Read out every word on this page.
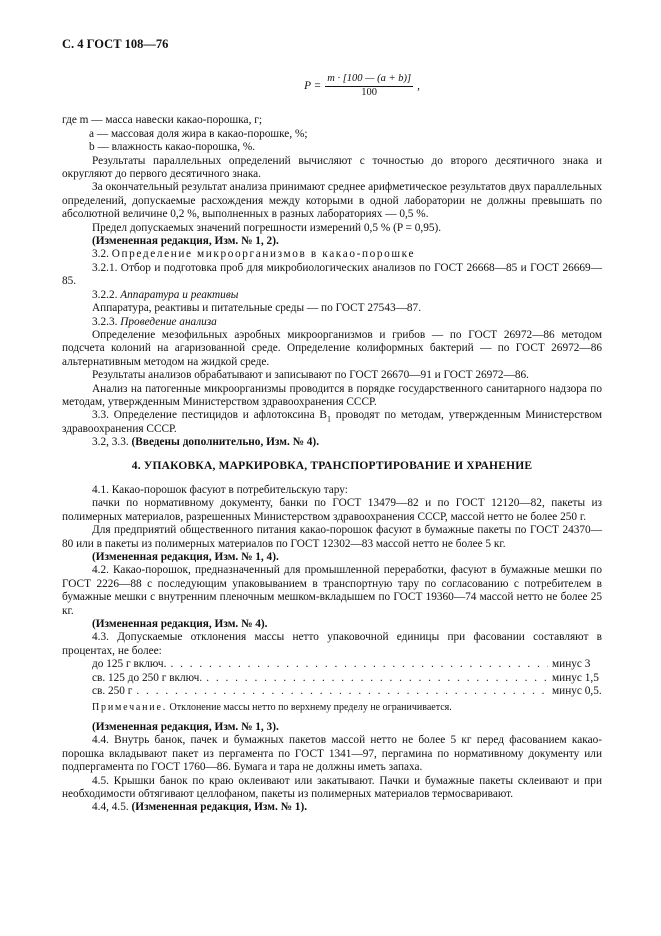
С. 4 ГОСТ 108—76
$P = \frac{m \cdot [100 — (a + b)]}{100}$ ,

где m — масса навески какао-порошка, г;

a — массовая доля жира в какао-порошке, %;

b — влажность какао-порошка, %.

Результаты параллельных определений вычисляют с точностью до второго десятичного знака и округляют до первого десятичного знака.

За окончательный результат анализа принимают среднее арифметическое результатов двух параллельных определений, допускаемые расхождения между которыми в одной лаборатории не должны превышать по абсолютной величине 0,2 %, выполненных в разных лабораториях — 0,5 %.

Предел допускаемых значений погрешности измерений 0,5 % (P = 0,95).

(Измененная редакция, Изм. № 1, 2).

3.2. Определение микроорганизмов в какао-порошке

3.2.1. Отбор и подготовка проб для микробиологических анализов по ГОСТ 26668—85 и ГОСТ 26669—85.

3.2.2. Аппаратура и реактивы

Аппаратура, реактивы и питательные среды — по ГОСТ 27543—87.

3.2.3. Проведение анализа

Определение мезофильных аэробных микроорганизмов и грибов — по ГОСТ 26972—86 методом подсчета колоний на агаризованной среде. Определение колиформных бактерий — по ГОСТ 26972—86 альтернативным методом на жидкой среде.

Результаты анализов обрабатывают и записывают по ГОСТ 26670—91 и ГОСТ 26972—86.

Анализ на патогенные микроорганизмы проводится в порядке государственного санитарного надзора по методам, утвержденным Министерством здравоохранения СССР.

3.3. Определение пестицидов и афлотоксина $B_1$ проводят по методам, утвержденным Министерством здравоохранения СССР.

3.2, 3.3. (Введены дополнительно, Изм. № 4).

4. УПАКОВКА, МАРКИРОВКА, ТРАНСПОРТИРОВАНИЕ И ХРАНЕНИЕ

4.1. Какао-порошок фасуют в потребительскую тару:

пачки по нормативному документу, банки по ГОСТ 13479—82 и по ГОСТ 12120—82, пакеты из полимерных материалов, разрешенных Министерством здравоохранения СССР, массой нетто не более 250 г.

Для предприятий общественного питания какао-порошок фасуют в бумажные пакеты по ГОСТ 24370—80 или в пакеты из полимерных материалов по ГОСТ 12302—83 массой нетто не более 5 кг.

(Измененная редакция, Изм. № 1, 4).

4.2. Какао-порошок, предназначенный для промышленной переработки, фасуют в бумажные мешки по ГОСТ 2226—88 с последующим упаковыванием в транспортную тару по согласованию с потребителем в бумажные мешки с внутренним пленочным мешком-вкладышем по ГОСТ 19360—74 массой нетто не более 25 кг.

(Измененная редакция, Изм. № 4).

4.3. Допускаемые отклонения массы нетто упаковочной единицы при фасовании составляют в процентах, не более:

до 125 г включ. . . .	минус 3
св. 125 до 250 г включ. . . .	минус 1,5
св. 250 г . . .	минус 0,5.

Примечание. Отклонение массы нетто по верхнему пределу не ограничивается.

(Измененная редакция, Изм. № 1, 3).

4.4. Внутрь банок, пачек и бумажных пакетов массой нетто не более 5 кг перед фасованием какао-порошка вкладывают пакет из пергамента по ГОСТ 1341—97, пергамина по нормативному документу или подпергамента по ГОСТ 1760—86. Бумага и тара не должны иметь запаха.

4.5. Крышки банок по краю оклеивают или закатывают. Пачки и бумажные пакеты склеивают и при необходимости обтягивают целлофаном, пакеты из полимерных материалов термосваривают.

4.4, 4.5. (Измененная редакция, Изм. № 1).
